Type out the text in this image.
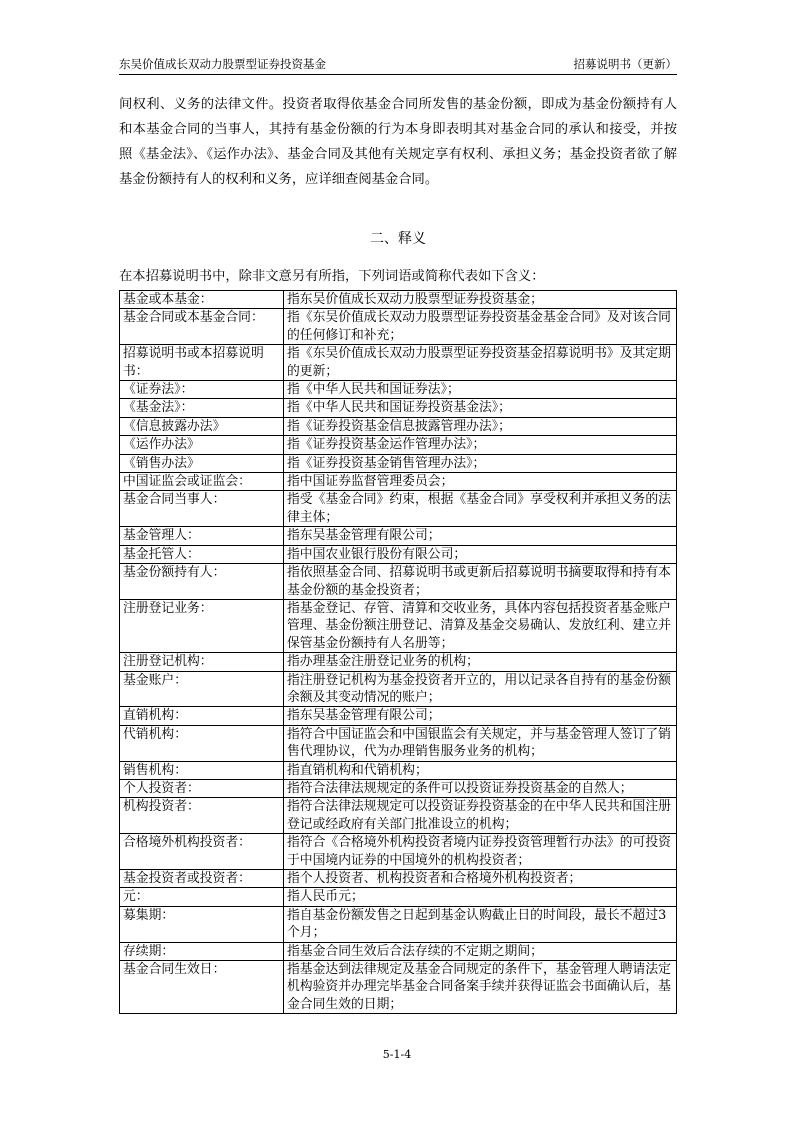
东吴价值成长双动力股票型证券投资基金	招募说明书（更新）

间权利、义务的法律文件。投资者取得依基金合同所发售的基金份额，即成为基金份额持有人和本基金合同的当事人，其持有基金份额的行为本身即表明其对基金合同的承认和接受，并按照《基金法》、《运作办法》、基金合同及其他有关规定享有权利、承担义务；基金投资者欲了解基金份额持有人的权利和义务，应详细查阅基金合同。

二、释义

在本招募说明书中，除非文意另有所指，下列词语或简称代表如下含义：

基金或本基金：	指东吴价值成长双动力股票型证券投资基金；
基金合同或本基金合同：	指《东吴价值成长双动力股票型证券投资基金基金合同》及对该合同的任何修订和补充；
招募说明书或本招募说明书：	指《东吴价值成长双动力股票型证券投资基金招募说明书》及其定期的更新；
《证券法》：	指《中华人民共和国证券法》；
《基金法》：	指《中华人民共和国证券投资基金法》；
《信息披露办法》	指《证券投资基金信息披露管理办法》；
《运作办法》	指《证券投资基金运作管理办法》；
《销售办法》	指《证券投资基金销售管理办法》；
中国证监会或证监会：	指中国证券监督管理委员会；
基金合同当事人：	指受《基金合同》约束，根据《基金合同》享受权利并承担义务的法律主体；
基金管理人：	指东吴基金管理有限公司；
基金托管人：	指中国农业银行股份有限公司；
基金份额持有人：	指依照基金合同、招募说明书或更新后招募说明书摘要取得和持有本基金份额的基金投资者；
注册登记业务：	指基金登记、存管、清算和交收业务，具体内容包括投资者基金账户管理、基金份额注册登记、清算及基金交易确认、发放红利、建立并保管基金份额持有人名册等；
注册登记机构：	指办理基金注册登记业务的机构；
基金账户：	指注册登记机构为基金投资者开立的，用以记录各自持有的基金份额余额及其变动情况的账户；
直销机构：	指东吴基金管理有限公司；
代销机构：	指符合中国证监会和中国银监会有关规定，并与基金管理人签订了销售代理协议，代为办理销售服务业务的机构；
销售机构：	指直销机构和代销机构；
个人投资者：	指符合法律法规规定的条件可以投资证券投资基金的自然人；
机构投资者：	指符合法律法规规定可以投资证券投资基金的在中华人民共和国注册登记或经政府有关部门批准设立的机构；
合格境外机构投资者：	指符合《合格境外机构投资者境内证券投资管理暂行办法》的可投资于中国境内证券的中国境外的机构投资者；
基金投资者或投资者：	指个人投资者、机构投资者和合格境外机构投资者；
元：	指人民币元；
募集期：	指自基金份额发售之日起到基金认购截止日的时间段，最长不超过3个月；
存续期：	指基金合同生效后合法存续的不定期之期间；
基金合同生效日：	指基金达到法律规定及基金合同规定的条件下，基金管理人聘请法定机构验资并办理完毕基金合同备案手续并获得证监会书面确认后，基金合同生效的日期；
5-1-4
